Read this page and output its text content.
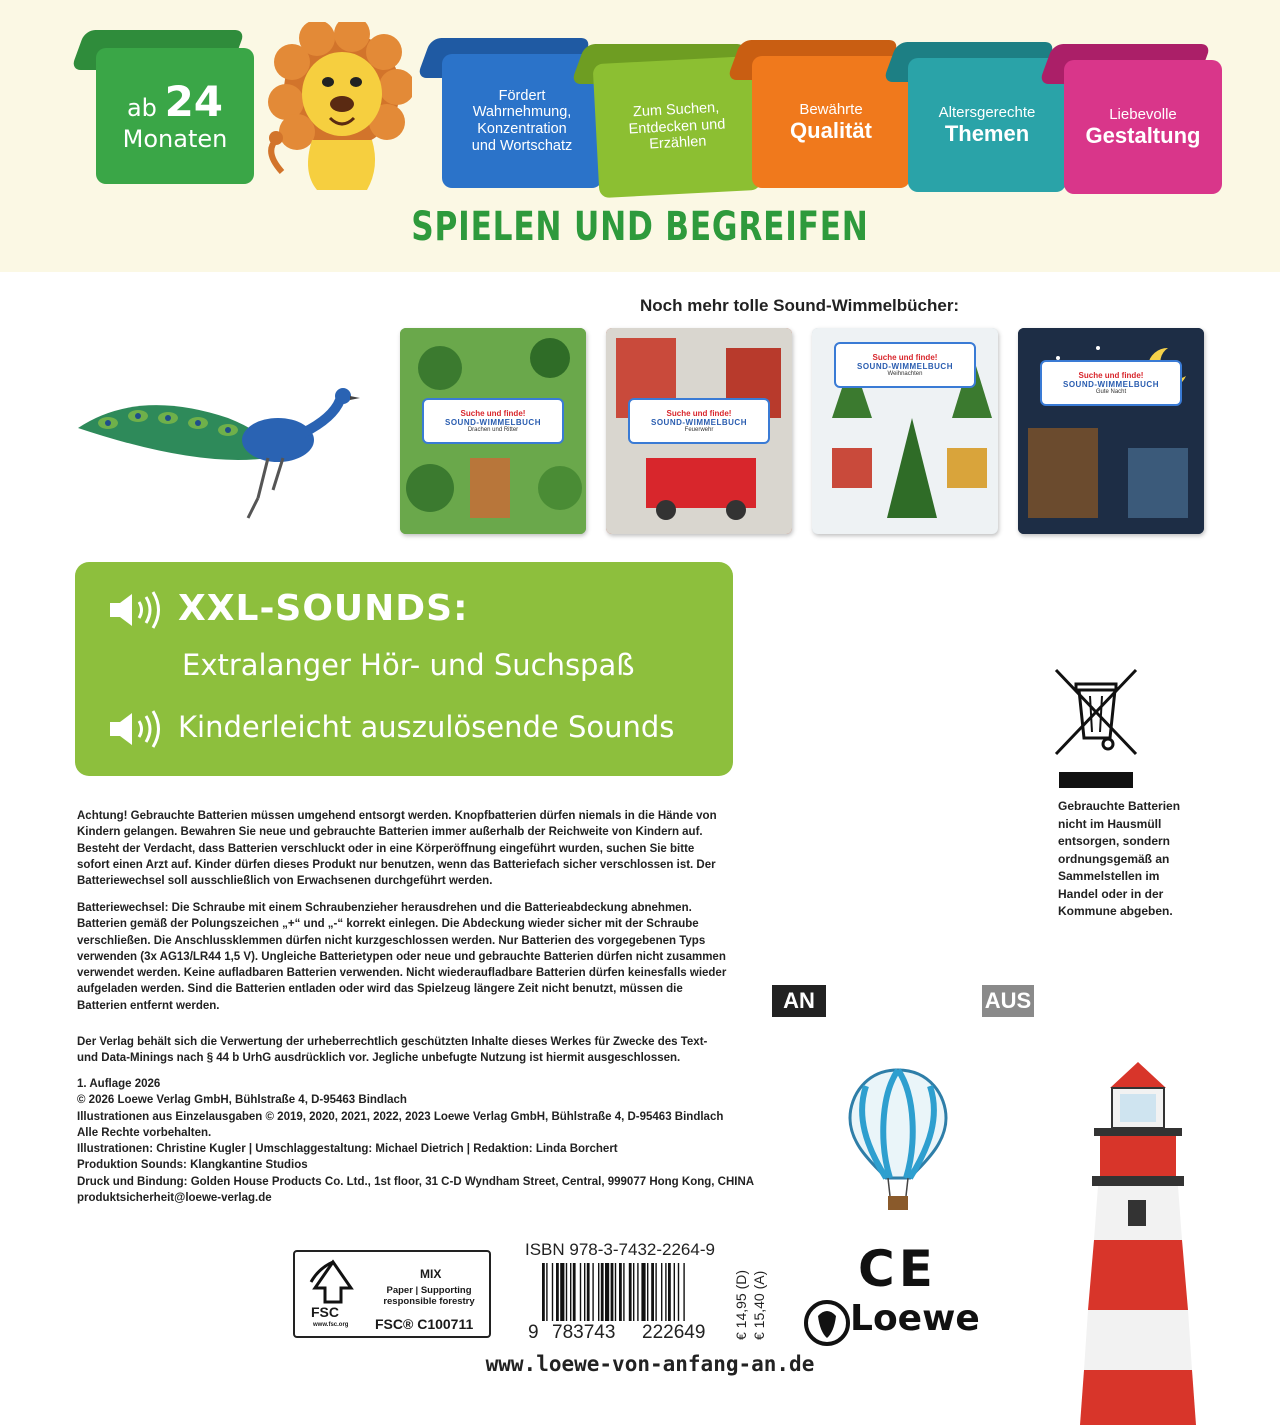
ab 24
Monaten
Fördert
Wahrnehmung,
Konzentration
und Wortschatz
Zum Suchen,
Entdecken und
Erzählen
Bewährte
Qualität
Altersgerechte
Themen
Liebevolle
Gestaltung
SPIELEN UND BEGREIFEN
Noch mehr tolle Sound-Wimmelbücher:
Suche und finde!
SOUND-WIMMELBUCH
Drachen und Ritter
Suche und finde!
SOUND-WIMMELBUCH
Feuerwehr
Suche und finde!
SOUND-WIMMELBUCH
Weihnachten	Suche und finde!
SOUND-WIMMELBUCH
Gute Nacht
XXL-SOUNDS:
Extralanger Hör- und Suchspaß
Kinderleicht auszulösende Sounds
Gebrauchte Batterien nicht im Hausmüll entsorgen, sondern ordnungsgemäß an Sammelstellen im Handel oder in der Kommune abgeben.
Achtung! Gebrauchte Batterien müssen umgehend entsorgt werden. Knopfbatterien dürfen niemals in die Hände von Kindern gelangen. Bewahren Sie neue und gebrauchte Batterien immer außerhalb der Reichweite von Kindern auf. Besteht der Verdacht, dass Batterien verschluckt oder in eine Körperöffnung eingeführt wurden, suchen Sie bitte sofort einen Arzt auf. Kinder dürfen dieses Produkt nur benutzen, wenn das Batteriefach sicher verschlossen ist. Der Batteriewechsel soll ausschließlich von Erwachsenen durchgeführt werden.
Batteriewechsel: Die Schraube mit einem Schraubenzieher herausdrehen und die Batterieabdeckung abnehmen. Batterien gemäß der Polungszeichen „+“ und „-“ korrekt einlegen. Die Abdeckung wieder sicher mit der Schraube verschließen. Die Anschlussklemmen dürfen nicht kurzgeschlossen werden. Nur Batterien des vorgegebenen Typs verwenden (3x AG13/LR44 1,5 V). Ungleiche Batterietypen oder neue und gebrauchte Batterien dürfen nicht zusammen verwendet werden. Keine aufladbaren Batterien verwenden. Nicht wiederaufladbare Batterien dürfen keinesfalls wieder aufgeladen werden. Sind die Batterien entladen oder wird das Spielzeug längere Zeit nicht benutzt, müssen die Batterien entfernt werden.
Der Verlag behält sich die Verwertung der urheberrechtlich geschützten Inhalte dieses Werkes für Zwecke des Text- und Data-Minings nach § 44 b UrhG ausdrücklich vor. Jegliche unbefugte Nutzung ist hiermit ausgeschlossen.
1. Auflage 2026
© 2026 Loewe Verlag GmbH, Bühlstraße 4, D-95463 Bindlach
Illustrationen aus Einzelausgaben © 2019, 2020, 2021, 2022, 2023 Loewe Verlag GmbH, Bühlstraße 4, D-95463 Bindlach
Alle Rechte vorbehalten.
Illustrationen: Christine Kugler | Umschlaggestaltung: Michael Dietrich | Redaktion: Linda Borchert
Produktion Sounds: Klangkantine Studios
Druck und Bindung: Golden House Products Co. Ltd., 1st floor, 31 C-D Wyndham Street, Central, 999077 Hong Kong, CHINA
produktsicherheit@loewe-verlag.de
AN	AUS
FSC
www.fsc.org
MIX
Paper | Supporting responsible forestry
FSC® C100711
ISBN 978-3-7432-2264-9
9 783743 222649 € 14,95 (D) € 15,40 (A)
CE
Loewe
www.loewe-von-anfang-an.de
